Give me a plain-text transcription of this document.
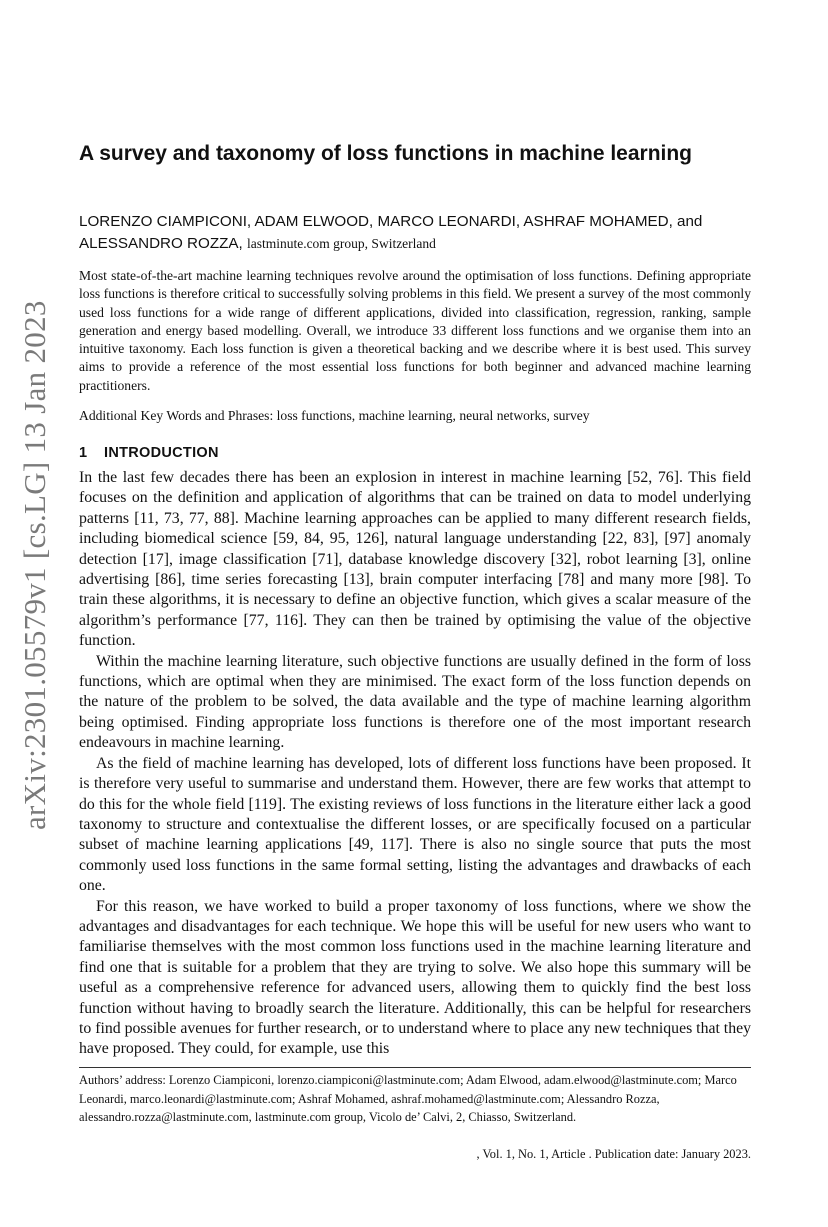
arXiv:2301.05579v1 [cs.LG] 13 Jan 2023
A survey and taxonomy of loss functions in machine learning
LORENZO CIAMPICONI, ADAM ELWOOD, MARCO LEONARDI, ASHRAF MOHAMED, and ALESSANDRO ROZZA, lastminute.com group, Switzerland

Most state-of-the-art machine learning techniques revolve around the optimisation of loss functions. Defining appropriate loss functions is therefore critical to successfully solving problems in this field. We present a survey of the most commonly used loss functions for a wide range of different applications, divided into classification, regression, ranking, sample generation and energy based modelling. Overall, we introduce 33 different loss functions and we organise them into an intuitive taxonomy. Each loss function is given a theoretical backing and we describe where it is best used. This survey aims to provide a reference of the most essential loss functions for both beginner and advanced machine learning practitioners.

Additional Key Words and Phrases: loss functions, machine learning, neural networks, survey

1 INTRODUCTION

In the last few decades there has been an explosion in interest in machine learning [52, 76]. This field focuses on the definition and application of algorithms that can be trained on data to model underlying patterns [11, 73, 77, 88]. Machine learning approaches can be applied to many different research fields, including biomedical science [59, 84, 95, 126], natural language understanding [22, 83], [97] anomaly detection [17], image classification [71], database knowledge discovery [32], robot learning [3], online advertising [86], time series forecasting [13], brain computer interfacing [78] and many more [98]. To train these algorithms, it is necessary to define an objective function, which gives a scalar measure of the algorithm’s performance [77, 116]. They can then be trained by optimising the value of the objective function.

Within the machine learning literature, such objective functions are usually defined in the form of loss functions, which are optimal when they are minimised. The exact form of the loss function depends on the nature of the problem to be solved, the data available and the type of machine learning algorithm being optimised. Finding appropriate loss functions is therefore one of the most important research endeavours in machine learning.

As the field of machine learning has developed, lots of different loss functions have been proposed. It is therefore very useful to summarise and understand them. However, there are few works that attempt to do this for the whole field [119]. The existing reviews of loss functions in the literature either lack a good taxonomy to structure and contextualise the different losses, or are specifically focused on a particular subset of machine learning applications [49, 117]. There is also no single source that puts the most commonly used loss functions in the same formal setting, listing the advantages and drawbacks of each one.

For this reason, we have worked to build a proper taxonomy of loss functions, where we show the advantages and disadvantages for each technique. We hope this will be useful for new users who want to familiarise themselves with the most common loss functions used in the machine learning literature and find one that is suitable for a problem that they are trying to solve. We also hope this summary will be useful as a comprehensive reference for advanced users, allowing them to quickly find the best loss function without having to broadly search the literature. Additionally, this can be helpful for researchers to find possible avenues for further research, or to understand where to place any new techniques that they have proposed. They could, for example, use this

Authors’ address: Lorenzo Ciampiconi, lorenzo.ciampiconi@lastminute.com; Adam Elwood, adam.elwood@lastminute.com; Marco Leonardi, marco.leonardi@lastminute.com; Ashraf Mohamed, ashraf.mohamed@lastminute.com; Alessandro Rozza, alessandro.rozza@lastminute.com, lastminute.com group, Vicolo de’ Calvi, 2, Chiasso, Switzerland.

, Vol. 1, No. 1, Article . Publication date: January 2023.
